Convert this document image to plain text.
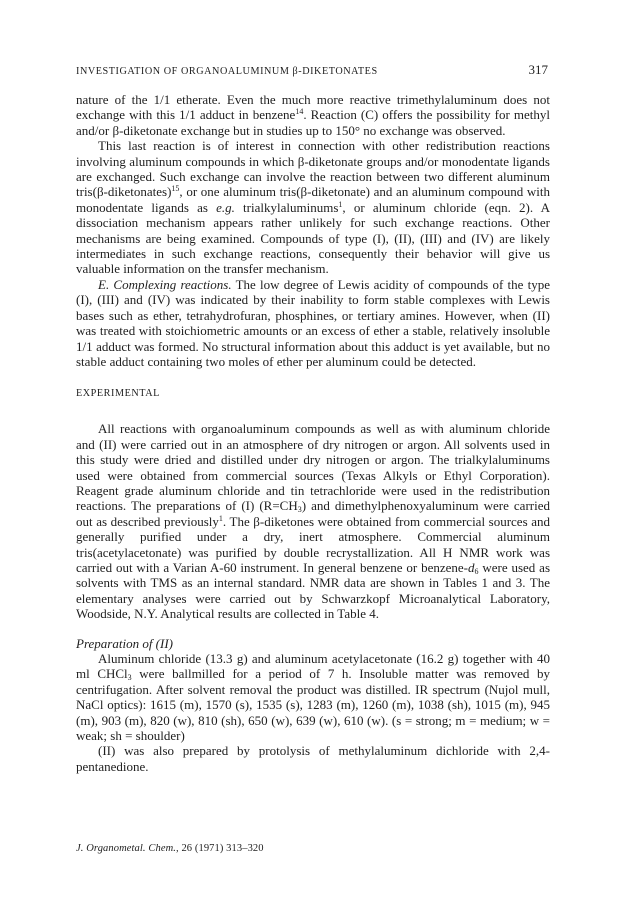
INVESTIGATION OF ORGANOALUMINUM β-DIKETONATES	317

nature of the 1/1 etherate. Even the much more reactive trimethylaluminum does not exchange with this 1/1 adduct in benzene$^{14}$. Reaction (C) offers the possibility for methyl and/or β-diketonate exchange but in studies up to 150° no exchange was observed.

This last reaction is of interest in connection with other redistribution reactions involving aluminum compounds in which β-diketonate groups and/or monodentate ligands are exchanged. Such exchange can involve the reaction between two different aluminum tris(β-diketonates)$^{15}$, or one aluminum tris(β-diketonate) and an aluminum compound with monodentate ligands as e.g. trialkylaluminums$^1$, or aluminum chloride (eqn. 2). A dissociation mechanism appears rather unlikely for such exchange reactions. Other mechanisms are being examined. Compounds of type (I), (II), (III) and (IV) are likely intermediates in such exchange reactions, consequently their behavior will give us valuable information on the transfer mechanism.

E. Complexing reactions. The low degree of Lewis acidity of compounds of the type (I), (III) and (IV) was indicated by their inability to form stable complexes with Lewis bases such as ether, tetrahydrofuran, phosphines, or tertiary amines. However, when (II) was treated with stoichiometric amounts or an excess of ether a stable, relatively insoluble 1/1 adduct was formed. No structural information about this adduct is yet available, but no stable adduct containing two moles of ether per aluminum could be detected.

EXPERIMENTAL

All reactions with organoaluminum compounds as well as with aluminum chloride and (II) were carried out in an atmosphere of dry nitrogen or argon. All solvents used in this study were dried and distilled under dry nitrogen or argon. The trialkylaluminums used were obtained from commercial sources (Texas Alkyls or Ethyl Corporation). Reagent grade aluminum chloride and tin tetrachloride were used in the redistribution reactions. The preparations of (I) $(R=CH_3)$ and dimethylphenoxyaluminum were carried out as described previously$^1$. The β-diketones were obtained from commercial sources and generally purified under a dry, inert atmosphere. Commercial aluminum tris(acetylacetonate) was purified by double recrystallization. All H NMR work was carried out with a Varian A-60 instrument. In general benzene or benzene-$d_6$ were used as solvents with TMS as an internal standard. NMR data are shown in Tables 1 and 3. The elementary analyses were carried out by Schwarzkopf Microanalytical Laboratory, Woodside, N.Y. Analytical results are collected in Table 4.

Preparation of (II)

Aluminum chloride (13.3 g) and aluminum acetylacetonate (16.2 g) together with 40 ml CHCl$_3$ were ballmilled for a period of 7 h. Insoluble matter was removed by centrifugation. After solvent removal the product was distilled. IR spectrum (Nujol mull, NaCl optics): 1615 (m), 1570 (s), 1535 (s), 1283 (m), 1260 (m), 1038 (sh), 1015 (m), 945 (m), 903 (m), 820 (w), 810 (sh), 650 (w), 639 (w), 610 (w). (s = strong; m = medium; w = weak; sh = shoulder)

(II) was also prepared by protolysis of methylaluminum dichloride with 2,4-pentanedione.

J. Organometal. Chem., 26 (1971) 313–320
